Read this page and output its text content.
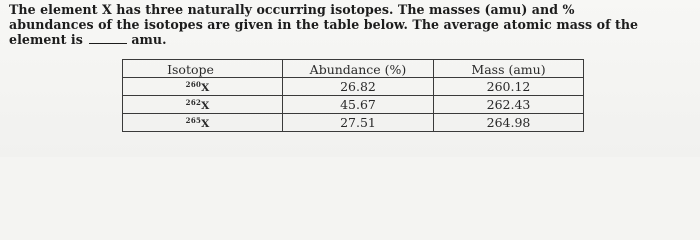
The element X has three naturally occurring isotopes. The masses (amu) and %
abundances of the isotopes are given in the table below. The average atomic mass of the
element is	amu.
Isotope	Abundance (%)	Mass (amu)
$^{260}$X	26.82	260.12
$^{262}$X	45.67	262.43
$^{265}$X	27.51	264.98
